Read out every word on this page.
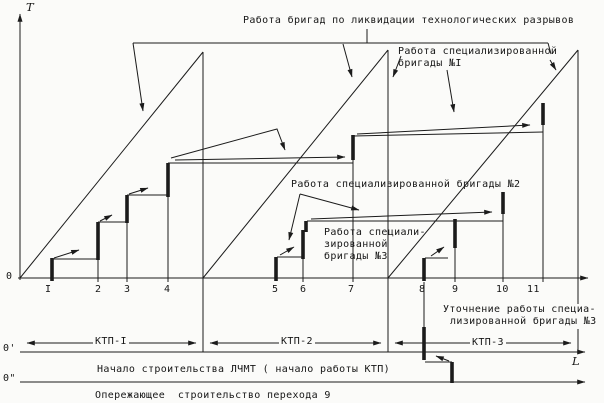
Работа бригад по ликвидации технологических разрывов
Работа специализированной
бригады №I
Работа специализированной бригады №2
Работа специали-
зированной
бригады №3
Уточнение работы специа-
лизированной бригады №3
КТП-I	КТП-2	КТП-3
Начало строительства ЛЧМТ ( начало работы КТП)
Опережающее  строительство перехода 9
T
L
0
0'
0"
I	2 3	4	5 6	7	8	9	10 11
